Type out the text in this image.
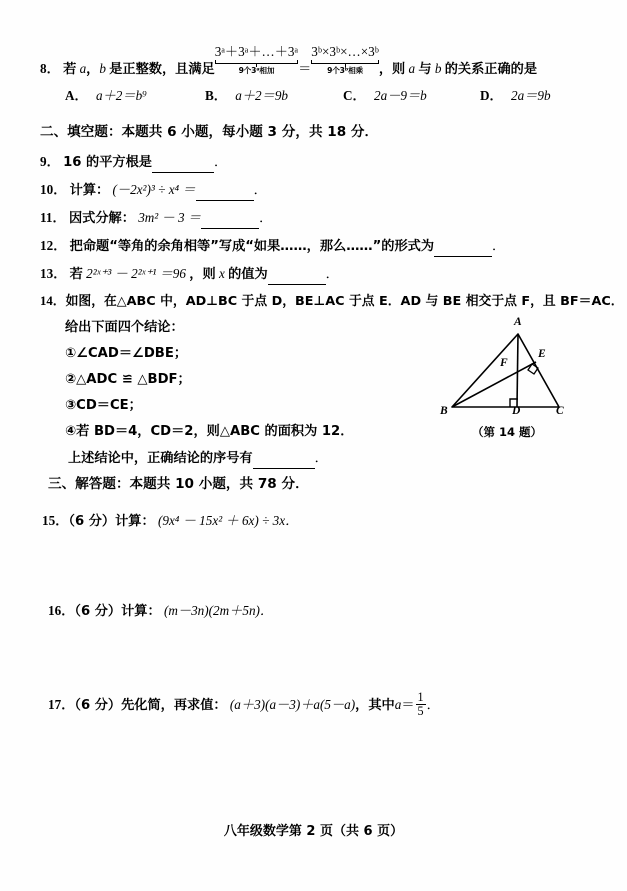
8． 若 a，b 是正整数，且满足
3ᵃ＋3ᵃ＋…＋3ᵃ
9个3ᵃ相加	＝
3ᵇ×3ᵇ×…×3ᵇ
9个3ᵇ相乘	，则 a 与 b 的关系正确的是
A． a＋2＝b⁹	B． a＋2＝9b	C． 2a－9＝b	D． 2a＝9b
二、填空题：本题共 6 小题，每小题 3 分，共 18 分．
9． 16 的平方根是	．
10． 计算： (－2x²)³ ÷ x⁴ ＝	．
11． 因式分解： 3m² － 3 ＝	．
12． 把命题“等角的余角相等”写成“如果……，那么……”的形式为	．
13． 若 2²ˣ⁺³ － 2²ˣ⁺¹ ＝96 ，则 x 的值为	．
14．如图，在△ABC 中，AD⊥BC 于点 D，BE⊥AC 于点 E．AD 与 BE 相交于点 F，且 BF＝AC．
给出下面四个结论：
①∠CAD＝∠DBE；
②△ADC ≌ △BDF；
③CD＝CE；
④若 BD＝4，CD＝2，则△ABC 的面积为 12．
上述结论中，正确结论的序号有	．
A
B	C
D
E
F
（第 14 题）
三、解答题：本题共 10 小题，共 78 分．
15．（6 分）计算： (9x⁴ － 15x² ＋ 6x) ÷ 3x．
16．（6 分）计算： (m－3n)(2m＋5n)．
17．（6 分）先化简，再求值： (a＋3)(a－3)＋a(5－a)，其中$a= \frac{1}{5}$ ．
八年级数学第 2 页（共 6 页）
